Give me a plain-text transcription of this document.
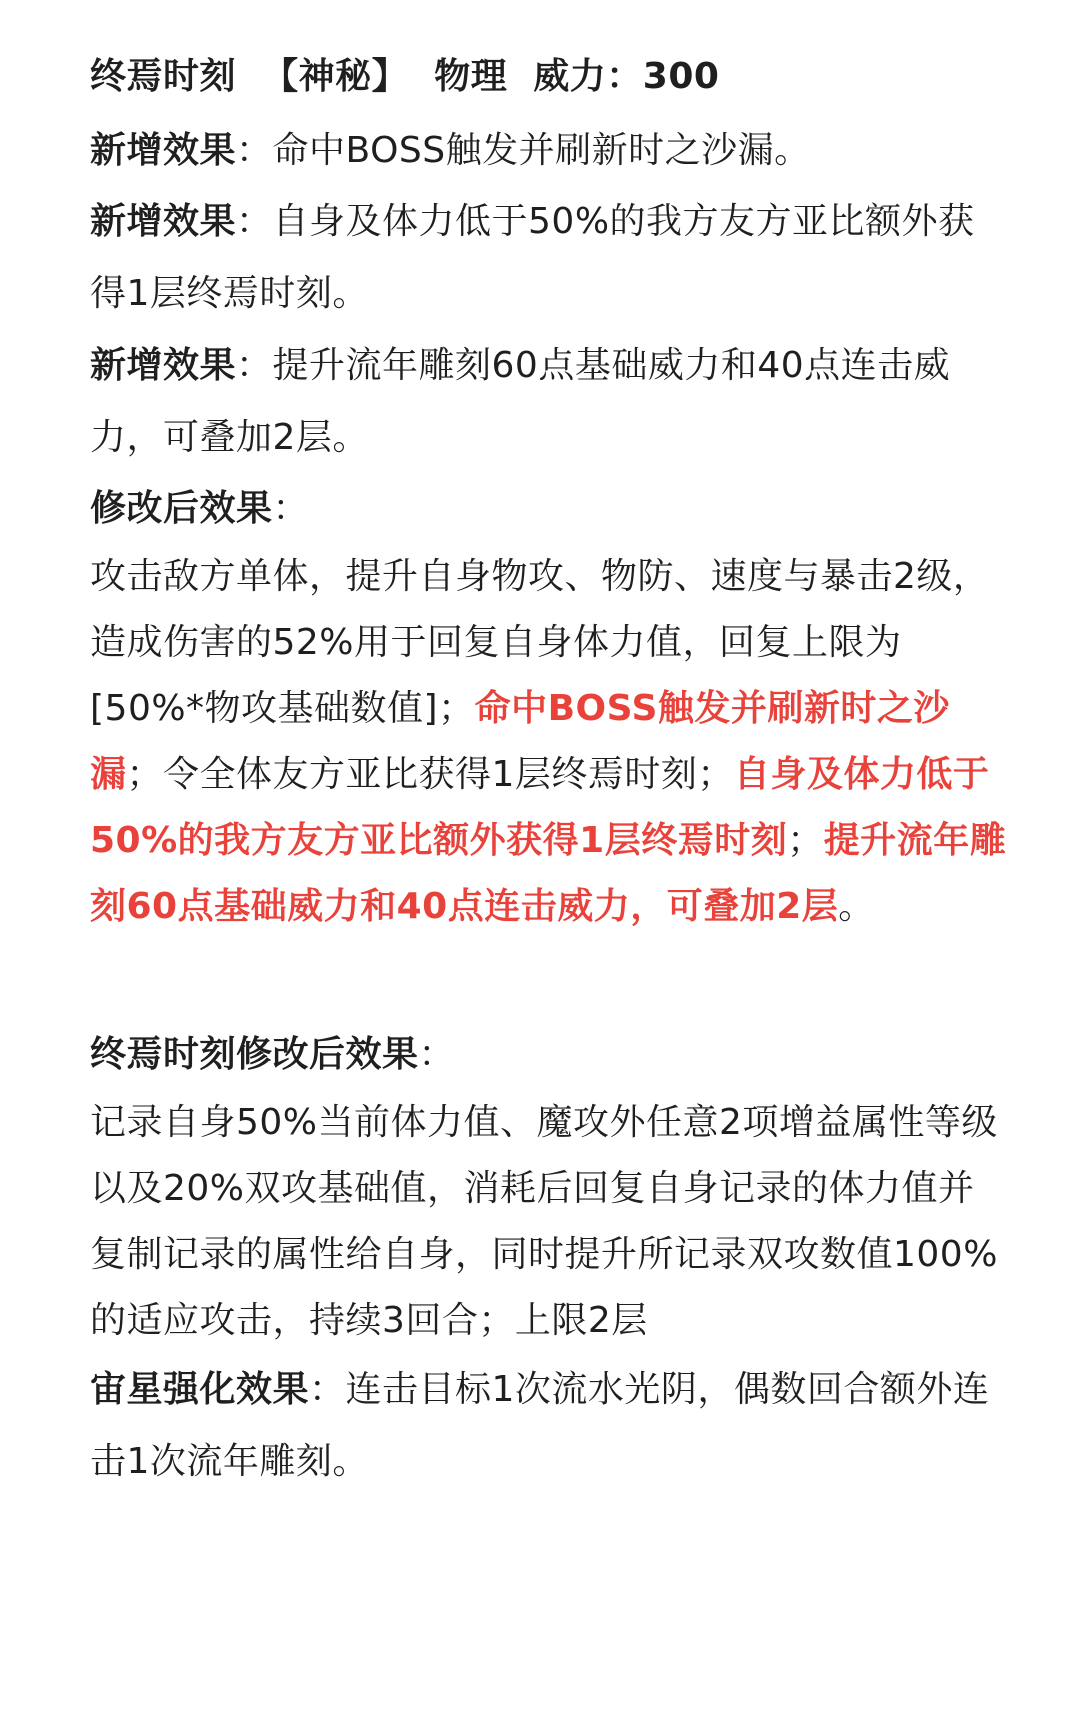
终焉时刻 【神秘】 物理 威力：300
新增效果：命中BOSS触发并刷新时之沙漏。
新增效果：自身及体力低于50%的我方友方亚比额外获得1层终焉时刻。
新增效果：提升流年雕刻60点基础威力和40点连击威力，可叠加2层。
修改后效果：
攻击敌方单体，提升自身物攻、物防、速度与暴击2级，造成伤害的52%用于回复自身体力值，回复上限为 [50%*物攻基础数值]；命中BOSS触发并刷新时之沙漏；令全体友方亚比获得1层终焉时刻；自身及体力低于50%的我方友方亚比额外获得1层终焉时刻；提升流年雕刻60点基础威力和40点连击威力，可叠加2层。
终焉时刻修改后效果：
记录自身50%当前体力值、魔攻外任意2项增益属性等级以及20%双攻基础值，消耗后回复自身记录的体力值并复制记录的属性给自身，同时提升所记录双攻数值100%的适应攻击，持续3回合；上限2层
宙星强化效果：连击目标1次流水光阴，偶数回合额外连击1次流年雕刻。
